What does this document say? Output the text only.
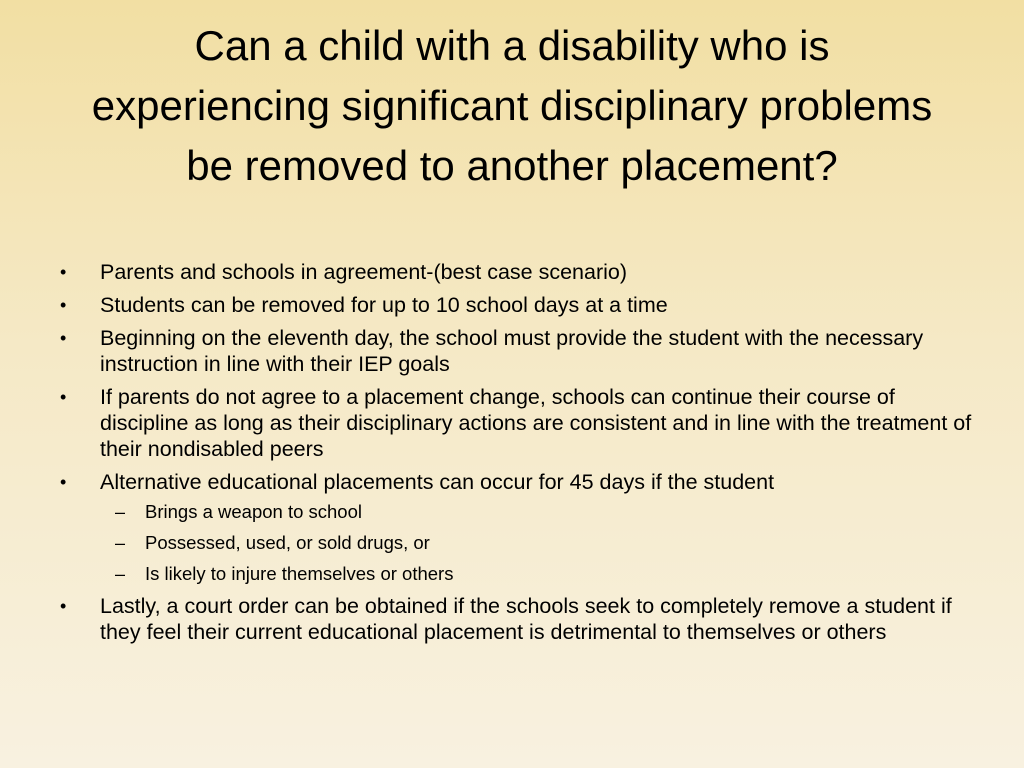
Can a child with a disability who is experiencing significant disciplinary problems be removed to another placement?
• Parents and schools in agreement-(best case scenario)
• Students can be removed for up to 10 school days at a time
• Beginning on the eleventh day, the school must provide the student with the necessary instruction in line with their IEP goals
• If parents do not agree to a placement change, schools can continue their course of discipline as long as their disciplinary actions are consistent and in line with the treatment of their nondisabled peers
• Alternative educational placements can occur for 45 days if the student
– Brings a weapon to school
– Possessed, used, or sold drugs, or
– Is likely to injure themselves or others
• Lastly, a court order can be obtained if the schools seek to completely remove a student if they feel their current educational placement is detrimental to themselves or others
